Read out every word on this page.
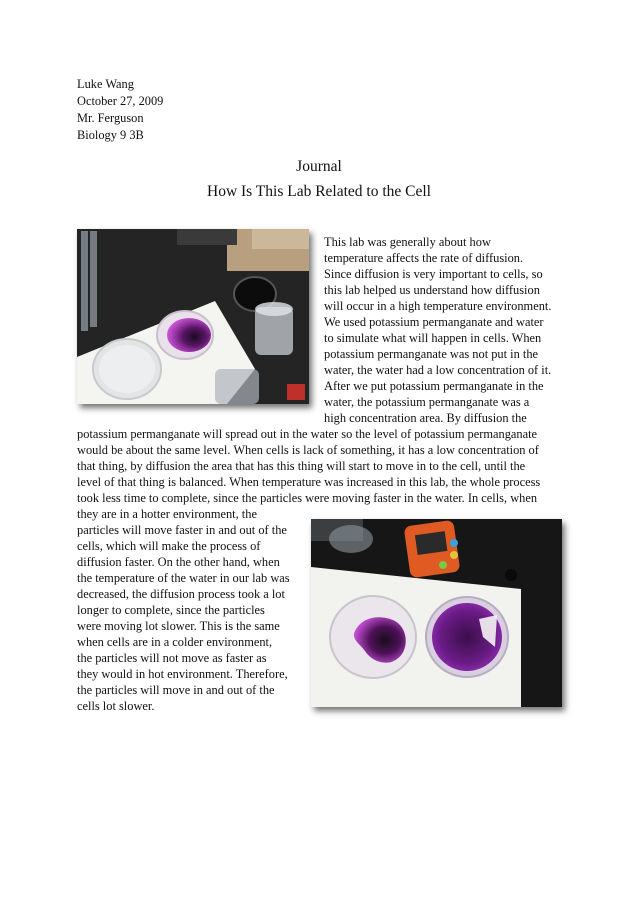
Luke Wang
October 27, 2009
Mr. Ferguson
Biology 9 3B
Journal
How Is This Lab Related to the Cell
This lab was generally about how
temperature affects the rate of diffusion.
Since diffusion is very important to cells, so
this lab helped us understand how diffusion
will occur in a high temperature environment.
We used potassium permanganate and water
to simulate what will happen in cells. When
potassium permanganate was not put in the
water, the water had a low concentration of it.
After we put potassium permanganate in the
water, the potassium permanganate was a
high concentration area. By diffusion the
potassium permanganate will spread out in the water so the level of potassium permanganate
would be about the same level. When cells is lack of something, it has a low concentration of
that thing, by diffusion the area that has this thing will start to move in to the cell, until the
level of that thing is balanced. When temperature was increased in this lab, the whole process
took less time to complete, since the particles were moving faster in the water. In cells, when
they are in a hotter environment, the
particles will move faster in and out of the
cells, which will make the process of
diffusion faster. On the other hand, when
the temperature of the water in our lab was
decreased, the diffusion process took a lot
longer to complete, since the particles
were moving lot slower. This is the same
when cells are in a colder environment,
the particles will not move as faster as
they would in hot environment. Therefore,
the particles will move in and out of the
cells lot slower.
